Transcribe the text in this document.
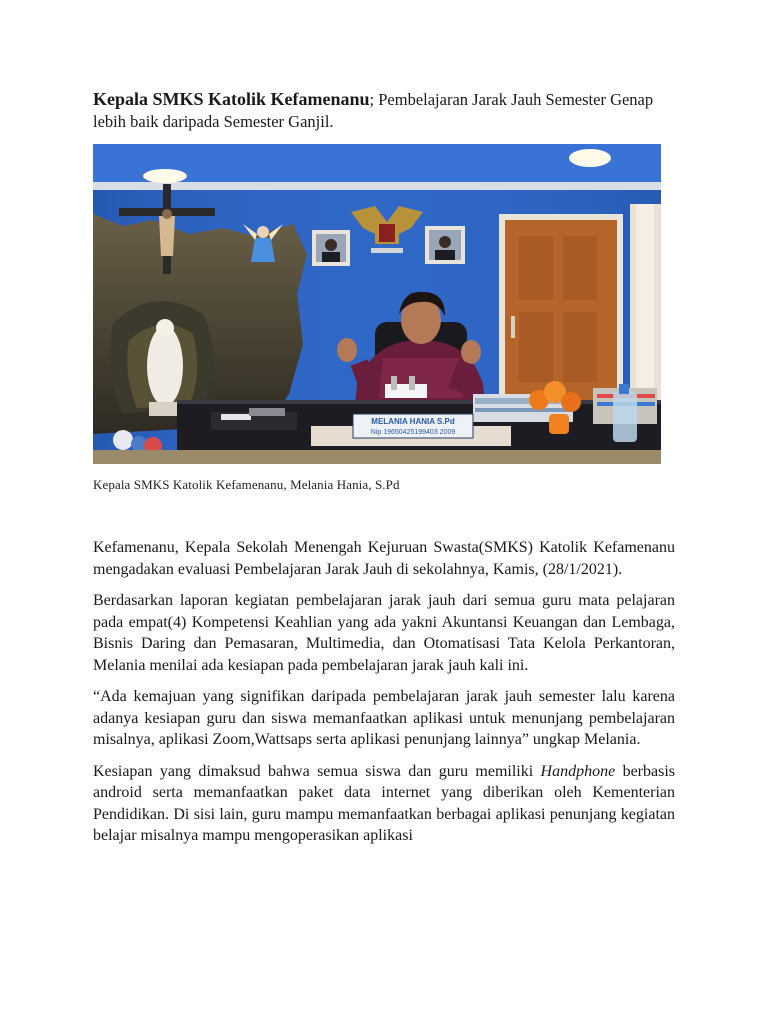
Kepala SMKS Katolik Kefamenanu; Pembelajaran Jarak Jauh Semester Genap lebih baik daripada Semester Ganjil.

MELANIA HANIA S.Pd
Nip 19650425199403 2009
Kepala SMKS Katolik Kefamenanu, Melania Hania, S.Pd

Kefamenanu, Kepala Sekolah Menengah Kejuruan Swasta(SMKS) Katolik Kefamenanu mengadakan evaluasi Pembelajaran Jarak Jauh di sekolahnya, Kamis, (28/1/2021).

Berdasarkan laporan kegiatan pembelajaran jarak jauh dari semua guru mata pelajaran pada empat(4) Kompetensi Keahlian yang ada yakni Akuntansi Keuangan dan Lembaga, Bisnis Daring dan Pemasaran, Multimedia, dan Otomatisasi Tata Kelola Perkantoran, Melania menilai ada kesiapan pada pembelajaran jarak jauh kali ini.

“Ada kemajuan yang signifikan daripada pembelajaran jarak jauh semester lalu karena adanya kesiapan guru dan siswa memanfaatkan aplikasi untuk menunjang pembelajaran misalnya, aplikasi Zoom,Wattsaps serta aplikasi penunjang lainnya” ungkap Melania.

Kesiapan yang dimaksud bahwa semua siswa dan guru memiliki Handphone berbasis android serta memanfaatkan paket data internet yang diberikan oleh Kementerian Pendidikan. Di sisi lain, guru mampu memanfaatkan berbagai aplikasi penunjang kegiatan belajar misalnya mampu mengoperasikan aplikasi
